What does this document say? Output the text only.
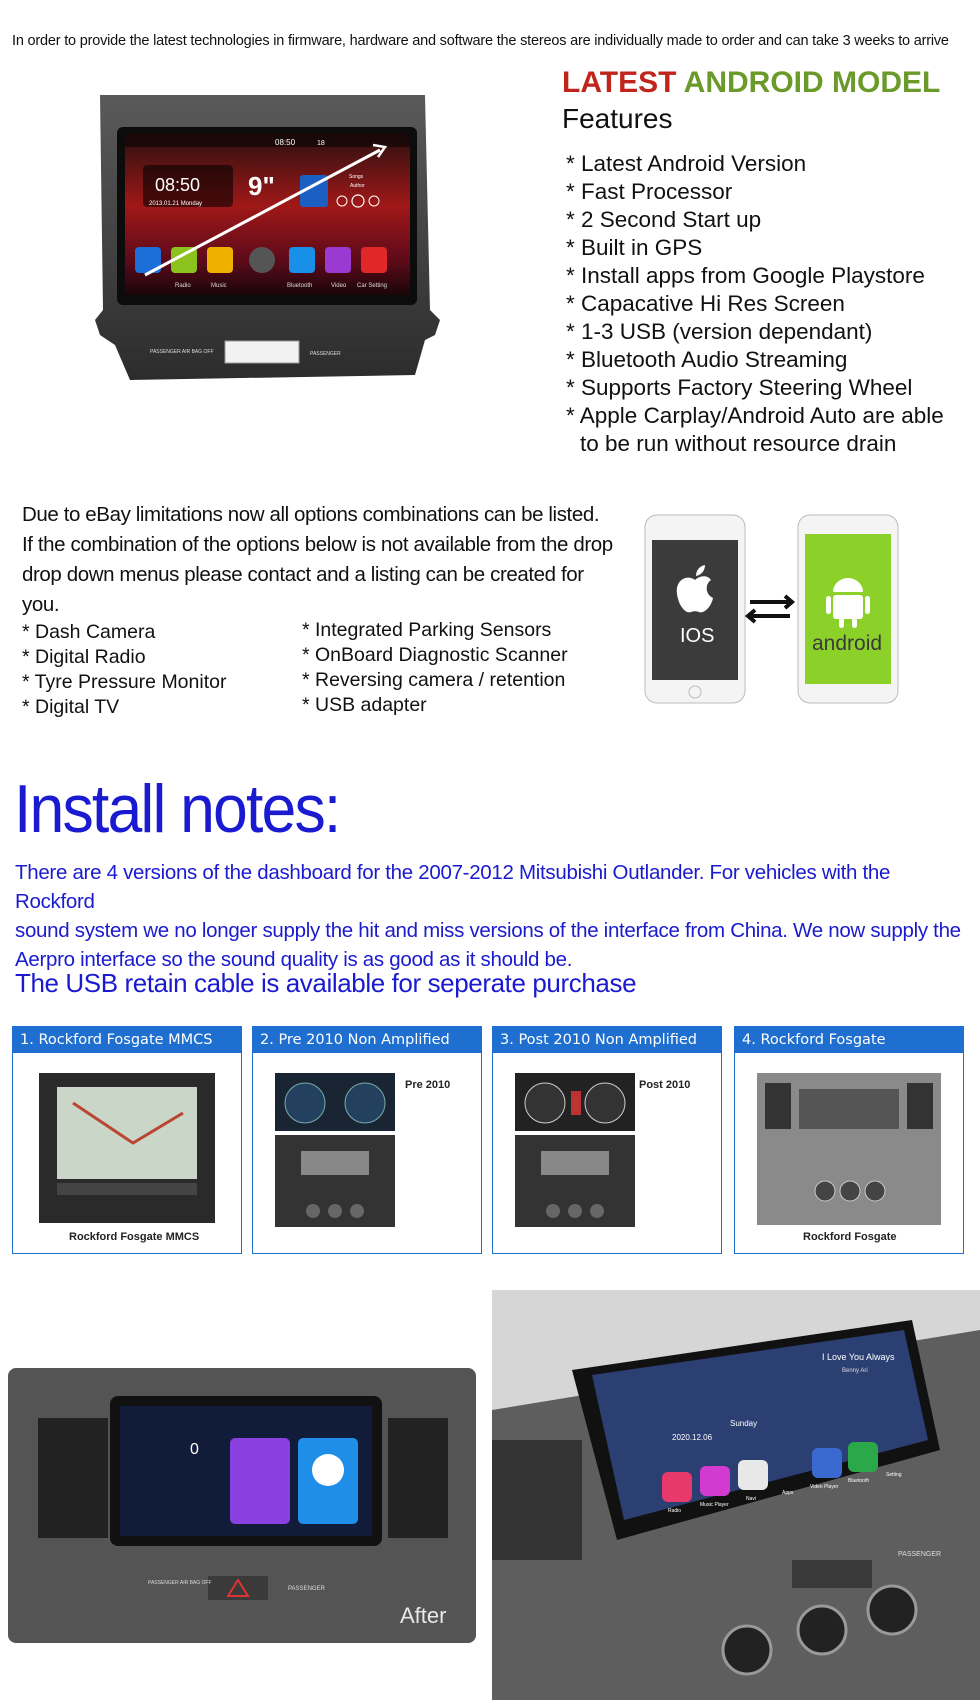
In order to provide the latest technologies in firmware, hardware and software the stereos are individually made to order and can take 3 weeks to arrive
08:50
2013.01.21 Monday
9"
08:50	18
Songs
Author
Radio	Music	Bluetooth	Video Car Setting
PASSENGER AIR BAG OFF	PASSENGER
LATEST ANDROID MODEL
Features
* Latest Android Version
* Fast Processor
* 2 Second Start up
* Built in GPS
* Install apps from Google Playstore
* Capacative Hi Res Screen
* 1-3 USB (version dependant)
* Bluetooth Audio Streaming
* Supports Factory Steering Wheel
* Apple Carplay/Android Auto are able
to be run without resource drain
Due to eBay limitations now all options combinations can be listed.
If the combination of the options below is not available from the drop
drop down menus please contact and a listing can be created for you.
* Dash Camera
* Digital Radio
* Tyre Pressure Monitor
* Digital TV
* Integrated Parking Sensors
* OnBoard Diagnostic Scanner
* Reversing camera / retention
* USB adapter
IOS	android
Install notes:
There are 4 versions of the dashboard for the 2007-2012 Mitsubishi Outlander. For vehicles with the Rockford
sound system we no longer supply the hit and miss versions of the interface from China. We now supply the
Aerpro interface so the sound quality is as good as it should be.
The USB retain cable is available for seperate purchase
1. Rockford Fosgate MMCS
Rockford Fosgate MMCS
2. Pre 2010 Non Amplified
Pre 2010
3. Post 2010 Non Amplified
Post 2010
4. Rockford Fosgate
Rockford Fosgate
0
PASSENGER AIR BAG OFF
PASSENGER
After
I Love You Always
Benny Ari
2020.12.06
Sunday
Radio
Music Player
Navi
Apps
Video Player
Bluetooth
Setting
PASSENGER
